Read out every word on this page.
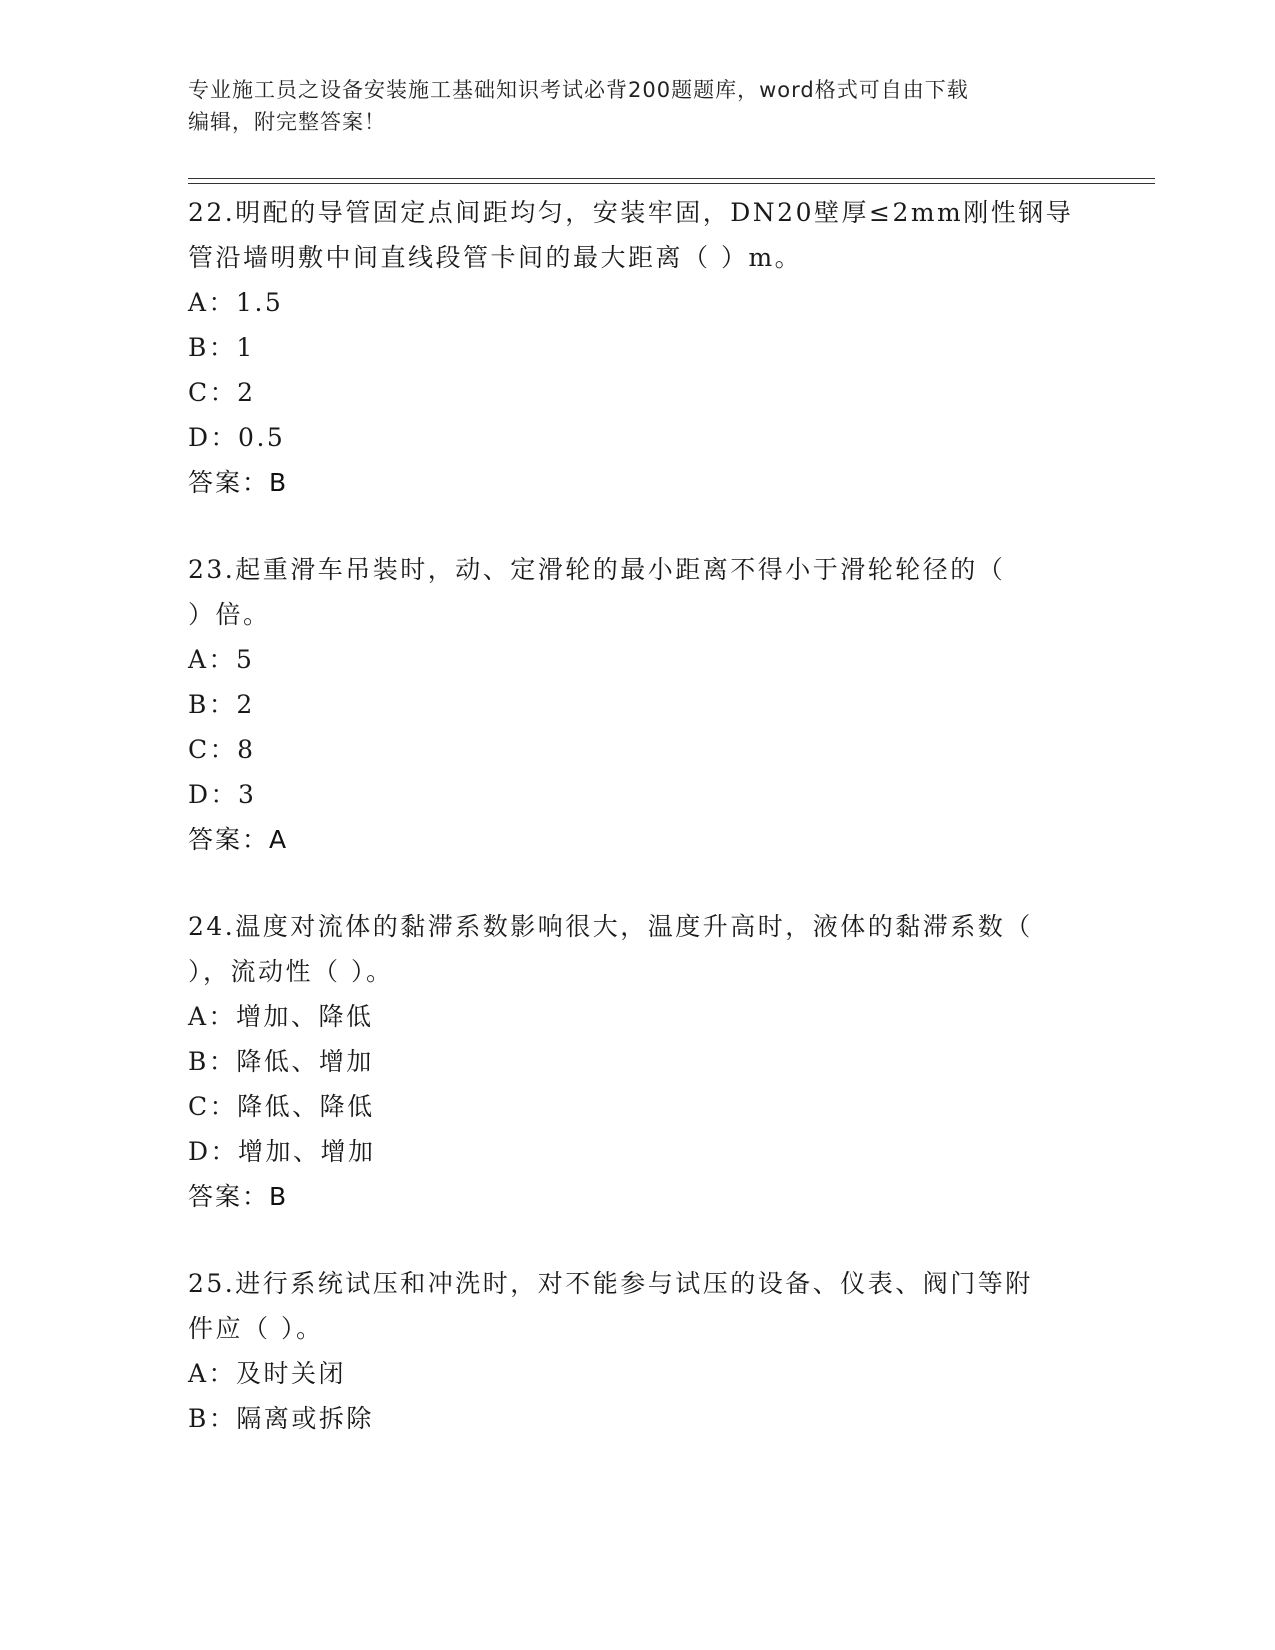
专业施工员之设备安装施工基础知识考试必背200题题库，word格式可自由下载
编辑，附完整答案！
22.明配的导管固定点间距均匀，安装牢固，DN20壁厚≤2mm刚性钢导
管沿墙明敷中间直线段管卡间的最大距离（ ）m。
A：1.5
B：1
C：2
D：0.5
答案：B
23.起重滑车吊装时，动、定滑轮的最小距离不得小于滑轮轮径的（
）倍。
A：5
B：2
C：8
D：3
答案：A
24.温度对流体的黏滞系数影响很大，温度升高时，液体的黏滞系数（
），流动性（ ）。
A：增加、降低
B：降低、增加
C：降低、降低
D：增加、增加
答案：B
25.进行系统试压和冲洗时，对不能参与试压的设备、仪表、阀门等附
件应（ ）。
A：及时关闭
B：隔离或拆除
